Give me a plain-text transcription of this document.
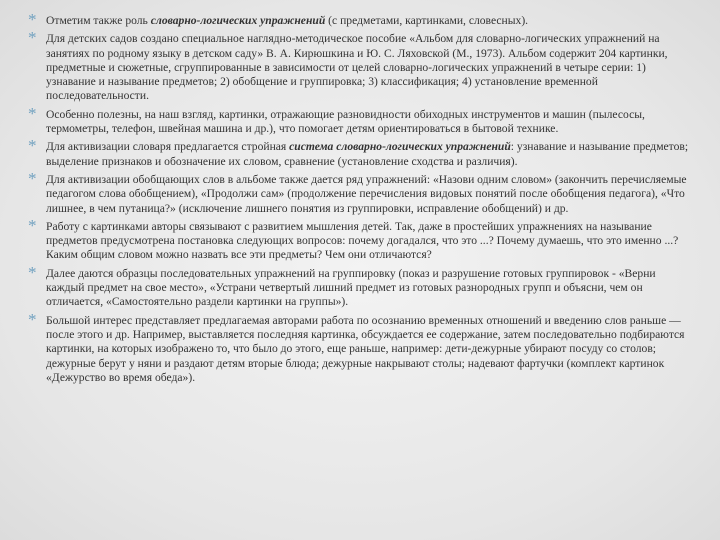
* Отметим также роль словарно-логических упражнений (с предметами, картинками, словесных).
* Для детских садов создано специальное наглядно-методическое пособие «Альбом для словарно-логических упражнений на занятиях по родному языку в детском саду» В. А. Кирюшкина и Ю. С. Ляховской (М., 1973). Альбом содержит 204 картинки, предметные и сюжетные, сгруппированные в зависимости от целей словарно-логических упражнений в четыре серии: 1) узнавание и называние предметов; 2) обобщение и группировка; 3) классификация; 4) установление временной последовательности.
* Особенно полезны, на наш взгляд, картинки, отражающие разновидности обиходных инструментов и машин (пылесосы, термометры, телефон, швейная машина и др.), что помогает детям ориентироваться в бытовой технике.
* Для активизации словаря предлагается стройная система словарно-логических упражнений: узнавание и называние предметов; выделение признаков и обозначение их словом, сравнение (установление сходства и различия).
* Для активизации обобщающих слов в альбоме также дается ряд упражнений: «Назови одним словом» (закончить перечисляемые педагогом слова обобщением), «Продолжи сам» (продолжение перечисления видовых понятий после обобщения педагога), «Что лишнее, в чем путаница?» (исключение лишнего понятия из группировки, исправление обобщений) и др.
* Работу с картинками авторы связывают с развитием мышления детей. Так, даже в простейших упражнениях на называние предметов предусмотрена постановка следующих вопросов: почему догадался, что это ...? Почему думаешь, что это именно ...? Каким общим словом можно назвать все эти предметы? Чем они отличаются?
* Далее даются образцы последовательных упражнений на группировку (показ и разрушение готовых группировок - «Верни каждый предмет на свое место», «Устрани четвертый лишний предмет из готовых разнородных групп и объясни, чем он отличается, «Самостоятельно раздели картинки на группы»).
* Большой интерес представляет предлагаемая авторами работа по осознанию временных отношений и введению слов раньше — после этого и др. Например, выставляется последняя картинка, обсуждается ее содержание, затем последовательно подбираются картинки, на которых изображено то, что было до этого, еще раньше, например: дети-дежурные убирают посуду со столов; дежурные берут у няни и раздают детям вторые блюда; дежурные накрывают столы; надевают фартучки (комплект картинок «Дежурство во время обеда»).
